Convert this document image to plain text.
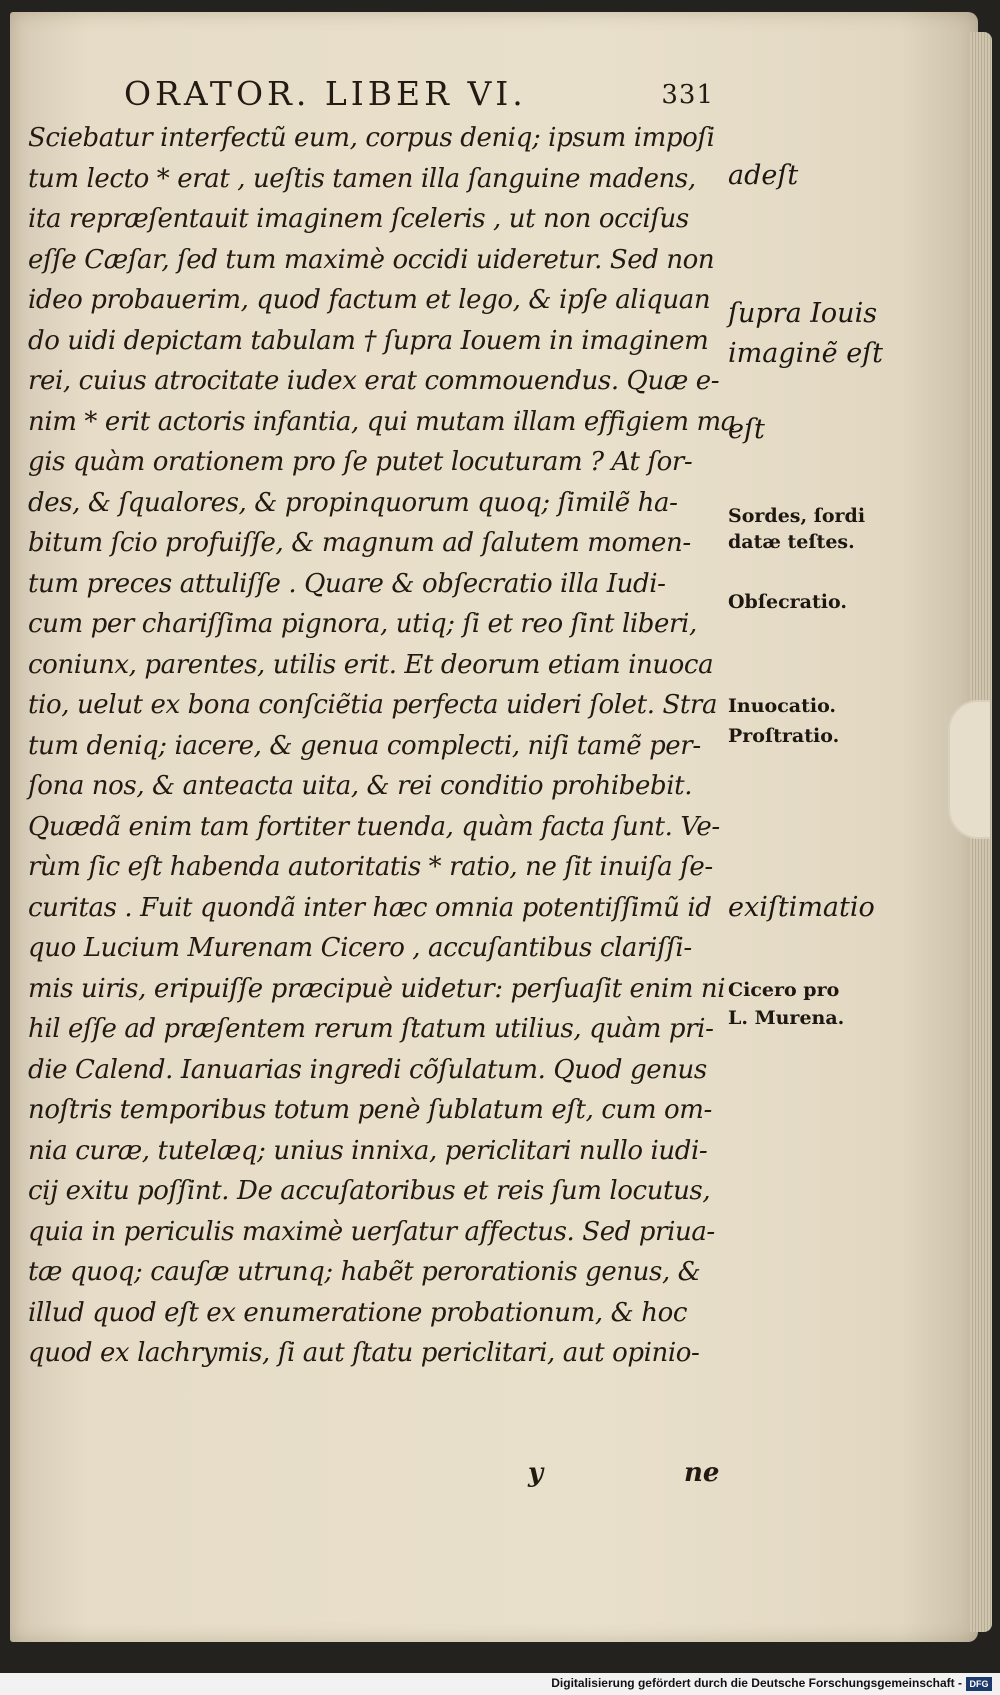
ORATOR. LIBER VI.	331
Sciebatur interfectũ eum, corpus deniq; ipsum impoſi
tum lecto * erat , ueſtis tamen illa ſanguine madens,
ita repræſentauit imaginem ſceleris , ut non occiſus
eſſe Cæſar, ſed tum maximè occidi uideretur. Sed non
ideo probauerim, quod factum et lego, & ipſe aliquan
do uidi depictam tabulam † ſupra Iouem in imaginem
rei, cuius atrocitate iudex erat commouendus. Quæ e-
nim * erit actoris infantia, qui mutam illam effigiem ma
gis quàm orationem pro ſe putet locuturam ? At ſor-
des, & ſqualores, & propinquorum quoq; ſimilẽ ha-
bitum ſcio profuiſſe, & magnum ad ſalutem momen-
tum preces attuliſſe . Quare & obſecratio illa Iudi-
cum per chariſſima pignora, utiq; ſi et reo ſint liberi,
coniunx, parentes, utilis erit. Et deorum etiam inuoca
tio, uelut ex bona conſciẽtia perfecta uideri ſolet. Stra
tum deniq; iacere, & genua complecti, niſi tamẽ per-
ſona nos, & anteacta uita, & rei conditio prohibebit.
Quædã enim tam fortiter tuenda, quàm facta ſunt. Ve-
rùm ſic eſt habenda autoritatis * ratio, ne ſit inuiſa ſe-
curitas . Fuit quondã inter hæc omnia potentiſſimũ id
quo Lucium Murenam Cicero , accuſantibus clariſſi-
mis uiris, eripuiſſe præcipuè uidetur: perſuaſit enim ni
hil eſſe ad præſentem rerum ſtatum utilius, quàm pri-
die Calend. Ianuarias ingredi cõſulatum. Quod genus
noſtris temporibus totum penè ſublatum eſt, cum om-
nia curæ, tutelæq; unius innixa, periclitari nullo iudi-
cij exitu poſſint. De accuſatoribus et reis ſum locutus,
quia in periculis maximè uerſatur affectus. Sed priua-
tæ quoq; cauſæ utrunq; habẽt perorationis genus, &
illud quod eſt ex enumeratione probationum, & hoc
quod ex lachrymis, ſi aut ſtatu periclitari, aut opinio-
y	ne
adeſt
ſupra Iouis
imaginẽ eſt
eſt
Sordes, ſordi
datæ teſtes.
Obſecratio.
Inuocatio.
Proſtratio.
exiſtimatio
Cicero pro
L. Murena.
Digitalisierung gefördert durch die Deutsche Forschungsgemeinschaft - DFG
